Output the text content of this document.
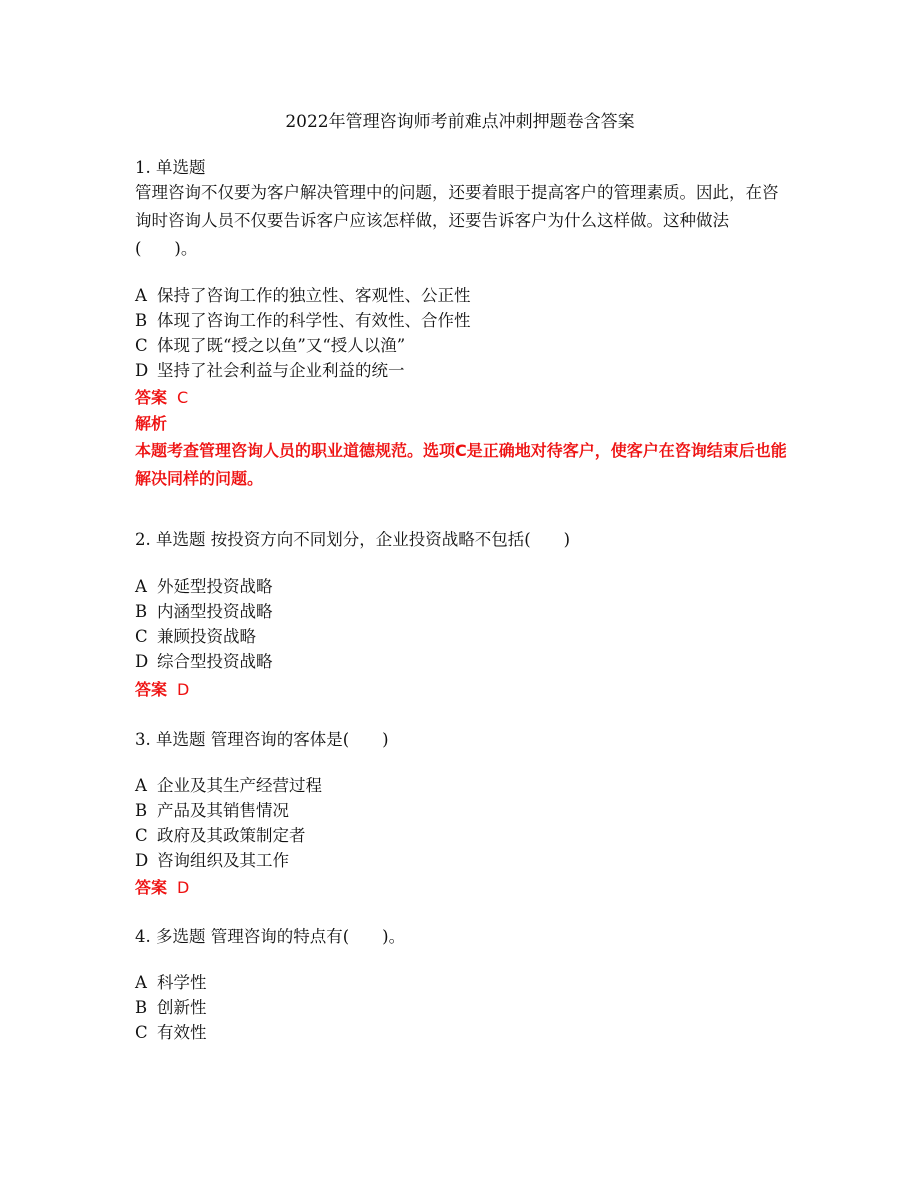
2022年管理咨询师考前难点冲刺押题卷含答案

1. 单选题

管理咨询不仅要为客户解决管理中的问题，还要着眼于提高客户的管理素质。因此，在咨询时咨询人员不仅要告诉客户应该怎样做，还要告诉客户为什么这样做。这种做法(　　)。

A 保持了咨询工作的独立性、客观性、公正性
B 体现了咨询工作的科学性、有效性、合作性
C 体现了既“授之以鱼”又“授人以渔”
D 坚持了社会利益与企业利益的统一

答案 C

解析

本题考查管理咨询人员的职业道德规范。选项C是正确地对待客户，使客户在咨询结束后也能解决同样的问题。

2. 单选题 按投资方向不同划分，企业投资战略不包括(　　)

A 外延型投资战略
B 内涵型投资战略
C 兼顾投资战略
D 综合型投资战略

答案 D

3. 单选题 管理咨询的客体是(　　)

A 企业及其生产经营过程
B 产品及其销售情况
C 政府及其政策制定者
D 咨询组织及其工作

答案 D

4. 多选题 管理咨询的特点有(　　)。

A 科学性
B 创新性
C 有效性
